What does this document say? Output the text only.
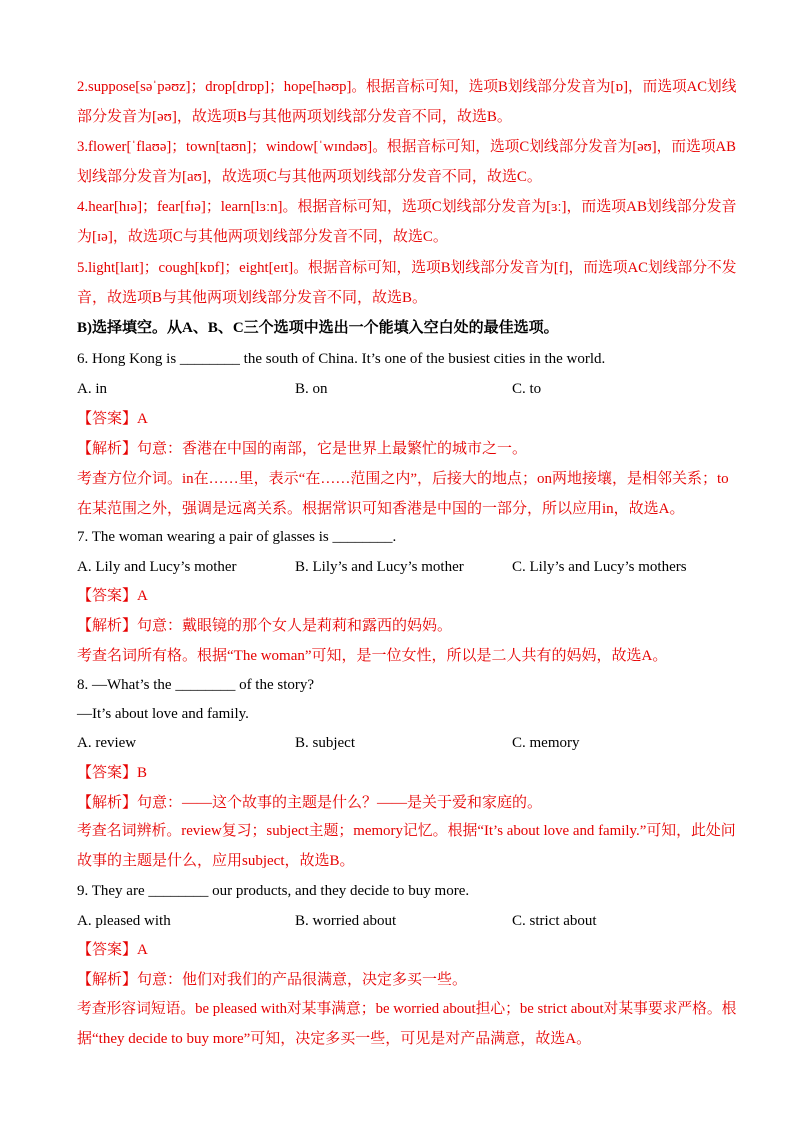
2.suppose[səˈpəʊz]；drop[drɒp]；hope[həʊp]。根据音标可知，选项B划线部分发音为[ɒ]，而选项AC划线
部分发音为[əʊ]，故选项B与其他两项划线部分发音不同，故选B。
3.flower[ˈflaʊə]；town[taʊn]；window[ˈwɪndəʊ]。根据音标可知，选项C划线部分发音为[əʊ]，而选项AB
划线部分发音为[aʊ]，故选项C与其他两项划线部分发音不同，故选C。
4.hear[hɪə]；fear[fɪə]；learn[lɜːn]。根据音标可知，选项C划线部分发音为[ɜː]，而选项AB划线部分发音
为[ɪə]，故选项C与其他两项划线部分发音不同，故选C。
5.light[laɪt]；cough[kɒf]；eight[eɪt]。根据音标可知，选项B划线部分发音为[f]，而选项AC划线部分不发
音，故选项B与其他两项划线部分发音不同，故选B。
B)选择填空。从A、B、C三个选项中选出一个能填入空白处的最佳选项。
6. Hong Kong is ________ the south of China. It’s one of the busiest cities in the world.
A. in	B. on	C. to
【答案】A
【解析】句意：香港在中国的南部，它是世界上最繁忙的城市之一。
考查方位介词。in在……里，表示“在……范围之内”，后接大的地点；on两地接壤，是相邻关系；to
在某范围之外，强调是远离关系。根据常识可知香港是中国的一部分，所以应用in，故选A。
7. The woman wearing a pair of glasses is ________.
A. Lily and Lucy’s mother	B. Lily’s and Lucy’s mother	C. Lily’s and Lucy’s mothers
【答案】A
【解析】句意：戴眼镜的那个女人是莉莉和露西的妈妈。
考查名词所有格。根据“The woman”可知，是一位女性，所以是二人共有的妈妈，故选A。
8. —What’s the ________ of the story?
—It’s about love and family.
A. review	B. subject	C. memory
【答案】B
【解析】句意：——这个故事的主题是什么？——是关于爱和家庭的。
考查名词辨析。review复习；subject主题；memory记忆。根据“It’s about love and family.”可知，此处问
故事的主题是什么，应用subject，故选B。
9. They are ________ our products, and they decide to buy more.
A. pleased with	B. worried about	C. strict about
【答案】A
【解析】句意：他们对我们的产品很满意，决定多买一些。
考查形容词短语。be pleased with对某事满意；be worried about担心；be strict about对某事要求严格。根
据“they decide to buy more”可知，决定多买一些，可见是对产品满意，故选A。
